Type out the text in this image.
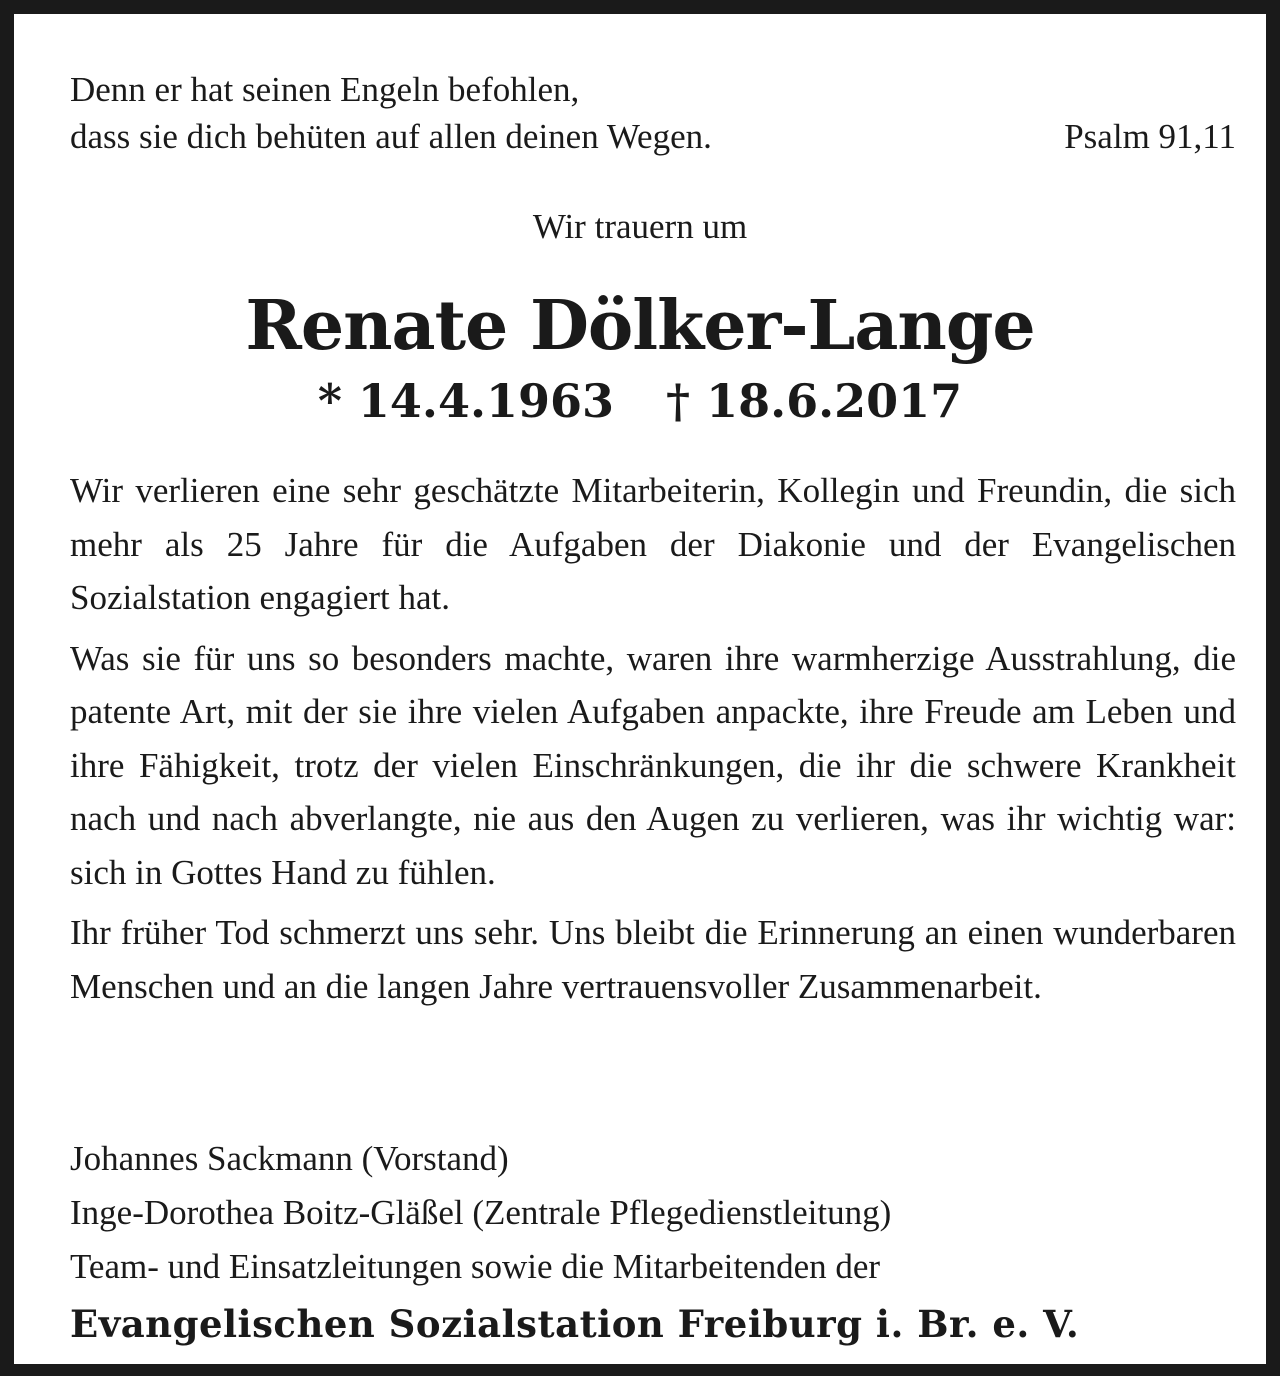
Denn er hat seinen Engeln befohlen,
dass sie dich behüten auf allen deinen Wegen.	Psalm 91,11
Wir trauern um
Renate Dölker-Lange
* 14.4.1963 † 18.6.2017

Wir verlieren eine sehr geschätzte Mitarbeiterin, Kollegin und Freundin, die sich mehr als 25 Jahre für die Aufgaben der Diakonie und der Evangelischen Sozialstation engagiert hat.

Was sie für uns so besonders machte, waren ihre warmherzige Ausstrahlung, die patente Art, mit der sie ihre vielen Aufgaben anpackte, ihre Freude am Leben und ihre Fähigkeit, trotz der vielen Einschränkungen, die ihr die schwere Krankheit nach und nach abverlangte, nie aus den Augen zu verlieren, was ihr wichtig war: sich in Gottes Hand zu fühlen.

Ihr früher Tod schmerzt uns sehr. Uns bleibt die Erinnerung an einen wunderbaren Menschen und an die langen Jahre vertrauensvoller Zusammenarbeit.

Johannes Sackmann (Vorstand)
Inge-Dorothea Boitz-Gläßel (Zentrale Pflegedienstleitung)
Team- und Einsatzleitungen sowie die Mitarbeitenden der
Evangelischen Sozialstation Freiburg i. Br. e. V.
